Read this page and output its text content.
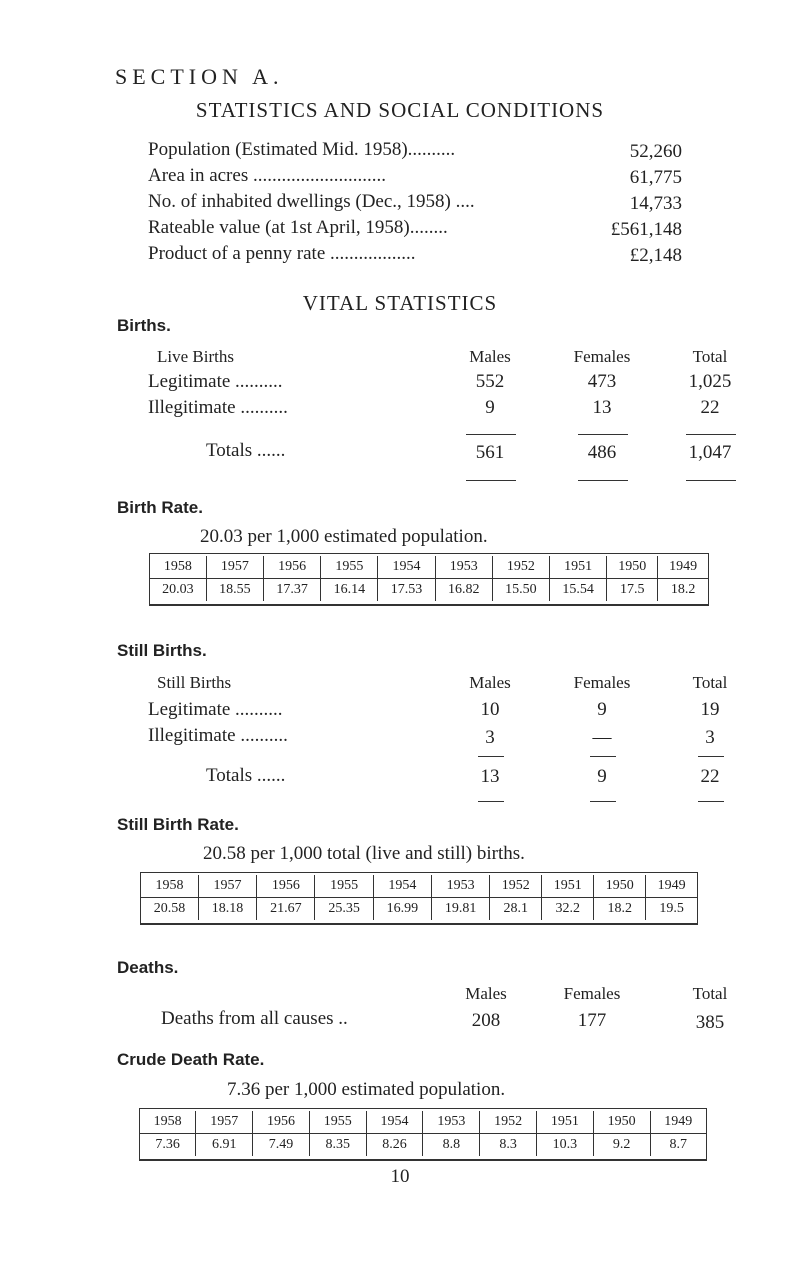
SECTION A.
STATISTICS AND SOCIAL CONDITIONS
Population (Estimated Mid. 1958)..........	52,260
Area in acres ............................	61,775
No. of inhabited dwellings (Dec., 1958) ....	14,733
Rateable value (at 1st April, 1958)........	£561,148
Product of a penny rate ..................	£2,148
VITAL STATISTICS
Births.
Live Births	Males	Females	Total
Legitimate ..........	552	473	1,025
Illegitimate ..........	9	13	22
Totals ......	561	486	1,047
Birth Rate.
20.03 per 1,000 estimated population.
1958	1957	1956	1955	1954	1953	1952	1951	1950	1949
20.03	18.55	17.37	16.14	17.53	16.82	15.50	15.54	17.5	18.2
Still Births.
Still Births	Males	Females	Total
Legitimate ..........	10	9	19
Illegitimate ..........	3	—	3
Totals ......	13	9	22
Still Birth Rate.
20.58 per 1,000 total (live and still) births.
1958	1957	1956	1955	1954	1953	1952	1951	1950	1949
20.58	18.18	21.67	25.35	16.99	19.81	28.1	32.2	18.2	19.5
Deaths.
Males	Females	Total
Deaths from all causes ..	208	177	385
Crude Death Rate.
7.36 per 1,000 estimated population.
1958	1957	1956	1955	1954	1953	1952	1951	1950	1949
7.36	6.91	7.49	8.35	8.26	8.8	8.3	10.3	9.2	8.7
10
